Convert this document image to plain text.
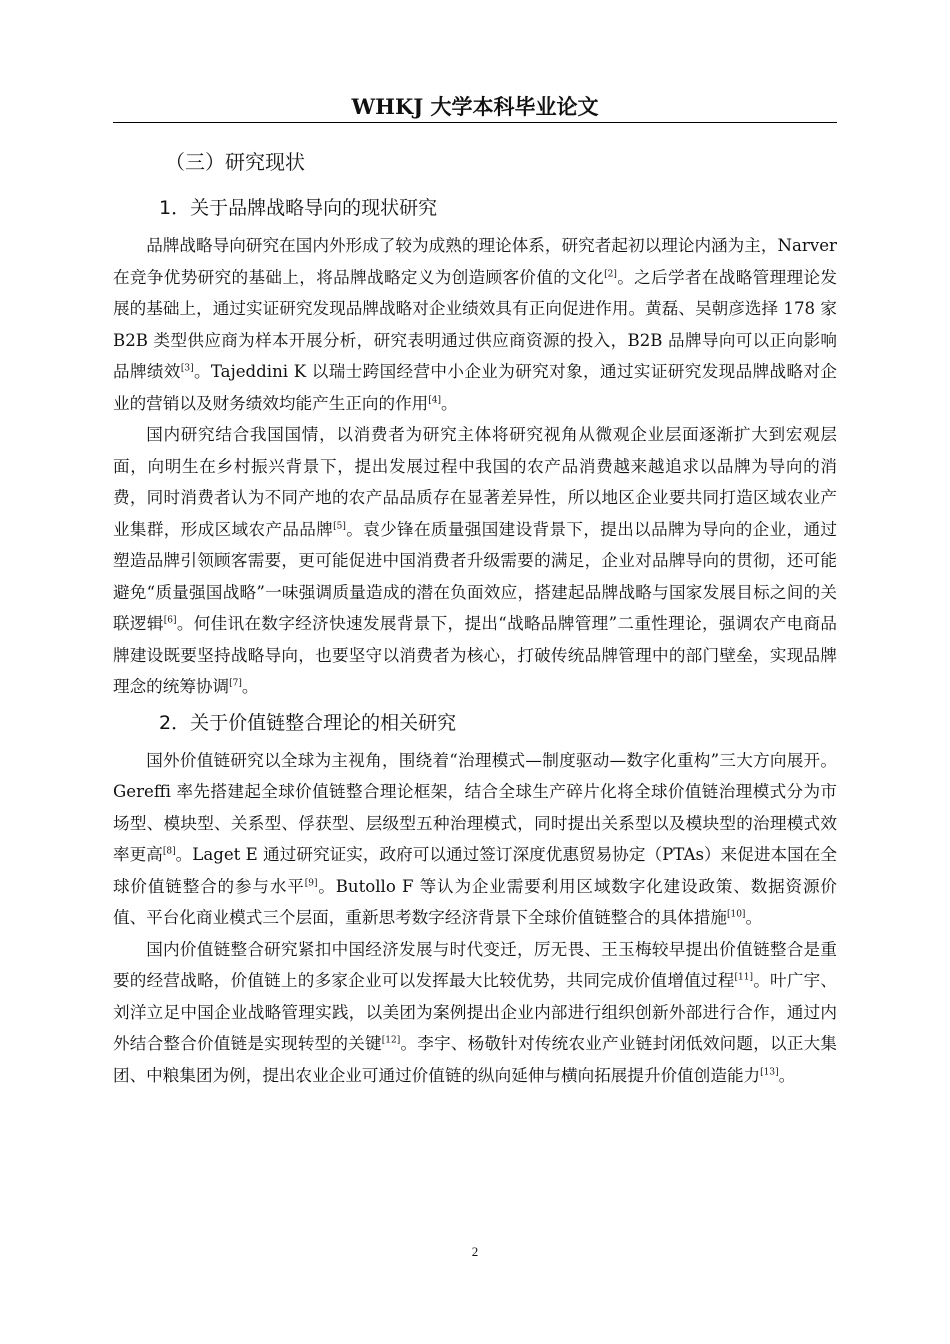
WHKJ 大学本科毕业论文
（三）研究现状
1．关于品牌战略导向的现状研究

品牌战略导向研究在国内外形成了较为成熟的理论体系，研究者起初以理论内涵为主，Narver 在竞争优势研究的基础上，将品牌战略定义为创造顾客价值的文化[2]。之后学者在战略管理理论发展的基础上，通过实证研究发现品牌战略对企业绩效具有正向促进作用。黄磊、吴朝彦选择 178 家 B2B 类型供应商为样本开展分析，研究表明通过供应商资源的投入，B2B 品牌导向可以正向影响品牌绩效[3]。Tajeddini K 以瑞士跨国经营中小企业为研究对象，通过实证研究发现品牌战略对企业的营销以及财务绩效均能产生正向的作用[4]。

国内研究结合我国国情，以消费者为研究主体将研究视角从微观企业层面逐渐扩大到宏观层面，向明生在乡村振兴背景下，提出发展过程中我国的农产品消费越来越追求以品牌为导向的消费，同时消费者认为不同产地的农产品品质存在显著差异性，所以地区企业要共同打造区域农业产业集群，形成区域农产品品牌[5]。袁少锋在质量强国建设背景下，提出以品牌为导向的企业，通过塑造品牌引领顾客需要，更可能促进中国消费者升级需要的满足，企业对品牌导向的贯彻，还可能避免“质量强国战略”一味强调质量造成的潜在负面效应，搭建起品牌战略与国家发展目标之间的关联逻辑[6]。何佳讯在数字经济快速发展背景下，提出“战略品牌管理”二重性理论，强调农产电商品牌建设既要坚持战略导向，也要坚守以消费者为核心，打破传统品牌管理中的部门壁垒，实现品牌理念的统筹协调[7]。

2．关于价值链整合理论的相关研究

国外价值链研究以全球为主视角，围绕着“治理模式—制度驱动—数字化重构”三大方向展开。Gereffi 率先搭建起全球价值链整合理论框架，结合全球生产碎片化将全球价值链治理模式分为市场型、模块型、关系型、俘获型、层级型五种治理模式，同时提出关系型以及模块型的治理模式效率更高[8]。Laget E 通过研究证实，政府可以通过签订深度优惠贸易协定（PTAs）来促进本国在全球价值链整合的参与水平[9]。Butollo F 等认为企业需要利用区域数字化建设政策、数据资源价值、平台化商业模式三个层面，重新思考数字经济背景下全球价值链整合的具体措施[10]。

国内价值链整合研究紧扣中国经济发展与时代变迁，厉无畏、王玉梅较早提出价值链整合是重要的经营战略，价值链上的多家企业可以发挥最大比较优势，共同完成价值增值过程[11]。叶广宇、刘洋立足中国企业战略管理实践，以美团为案例提出企业内部进行组织创新外部进行合作，通过内外结合整合价值链是实现转型的关键[12]。李宇、杨敬针对传统农业产业链封闭低效问题，以正大集团、中粮集团为例，提出农业企业可通过价值链的纵向延伸与横向拓展提升价值创造能力[13]。

2
